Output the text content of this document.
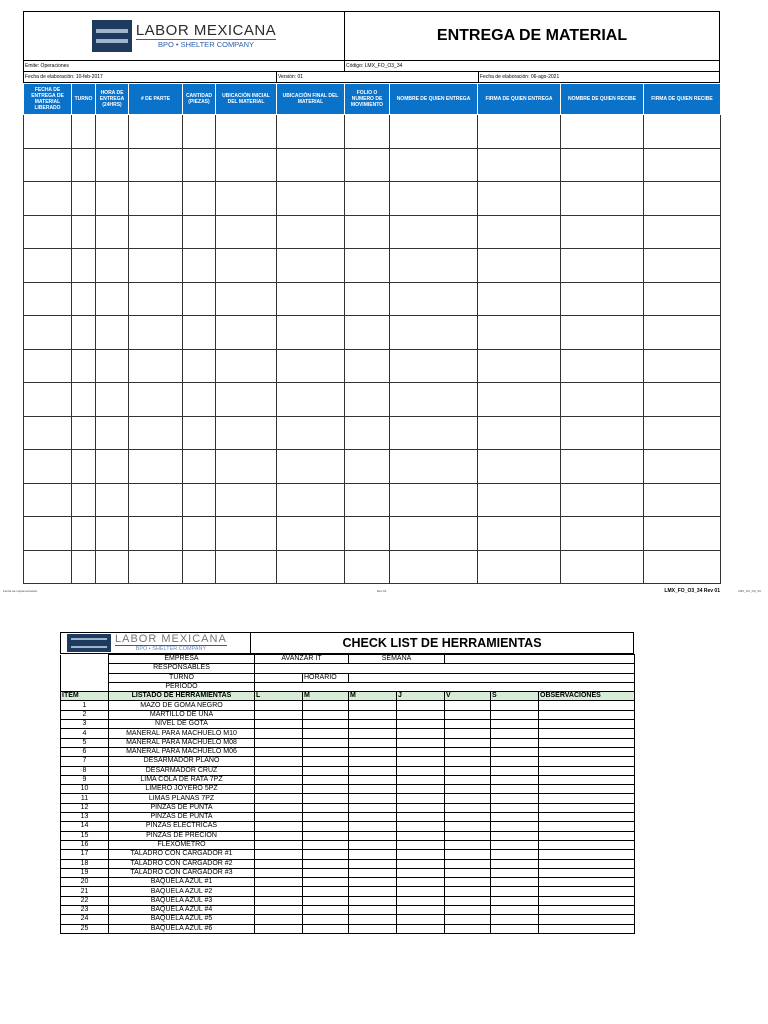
LABOR MEXICANA
BPO • SHELTER COMPANY	ENTREGA DE MATERIAL
Emite: Operaciones	Código: LMX_FO_O3_34
Fecha de elaboración: 10-feb-2017	Versión: 01	Fecha de elaboración: 06-ago-2021
FECHA DE ENTREGA DE MATERIAL LIBERADO	TURNO	HORA DE ENTREGA (24HRS)	# DE PARTE	CANTIDAD (PIEZAS)	UBICACIÓN INICIAL DEL MATERIAL	UBICACIÓN FINAL DEL MATERIAL	FOLIO O NUMERO DE MOVIMIENTO	NOMBRE DE QUIEN ENTREGA	FIRMA DE QUIEN ENTREGA	NOMBRE DE QUIEN RECIBE	FIRMA DE QUIEN RECIBE

LMX_FO_O3_34 Rev 01
Fecha de implementación	Rev 01	LMX_FO_O3_34
LABOR MEXICANA
BPO • SHELTER COMPANY	CHECK LIST DE HERRAMIENTAS
	EMPRESA	AVANZAR IT		SEMANA				
	RESPONSABLES							
	TURNO		HORARIO					
	PERIODO							
ITEM	LISTADO DE HERRAMIENTAS	L	M	M	J	V	S	OBSERVACIONES
1	MAZO DE GOMA NEGRO							
2	MARTILLO DE UÑA							
3	NIVEL DE GOTA							
4	MANERAL PARA MACHUELO M10							
5	MANERAL PARA MACHUELO M08							
6	MANERAL PARA MACHUELO M06							
7	DESARMADOR PLANO							
8	DESARMADOR CRUZ							
9	LIMA COLA DE RATA 7PZ							
10	LIMERO JOYERO 5PZ							
11	LIMAS PLANAS 7PZ							
12	PINZAS DE PUNTA							
13	PINZAS DE PUNTA							
14	PINZAS ELECTRICAS							
15	PINZAS DE PRECIÓN							
16	FLEXOMETRO							
17	TALADRO CON CARGADOR #1							
18	TALADRO CON CARGADOR #2							
19	TALADRO CON CARGADOR #3							
20	BAQUELA AZUL #1							
21	BAQUELA AZUL #2							
22	BAQUELA AZUL #3							
23	BAQUELA AZUL #4							
24	BAQUELA AZUL #5							
25	BAQUELA AZUL #6							
